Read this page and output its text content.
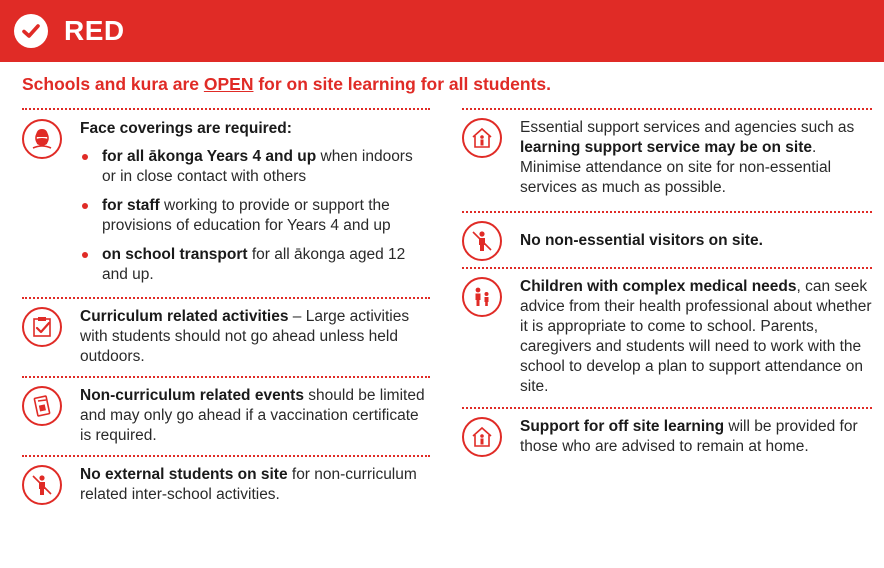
RED
Schools and kura are OPEN for on site learning for all students.
Face coverings are required:
for all ākonga Years 4 and up when indoors or in close contact with others
for staff working to provide or support the provisions of education for Years 4 and up
on school transport for all ākonga aged 12 and up.
Curriculum related activities – Large activities with students should not go ahead unless held outdoors.
Non-curriculum related events should be limited and may only go ahead if a vaccination certificate is required.
No external students on site for non-curriculum related inter-school activities.
Essential support services and agencies such as learning support service may be on site. Minimise attendance on site for non-essential services as much as possible.
No non-essential visitors on site.
Children with complex medical needs, can seek advice from their health professional about whether it is appropriate to come to school. Parents, caregivers and students will need to work with the school to develop a plan to support attendance on site.
Support for off site learning will be provided for those who are advised to remain at home.
